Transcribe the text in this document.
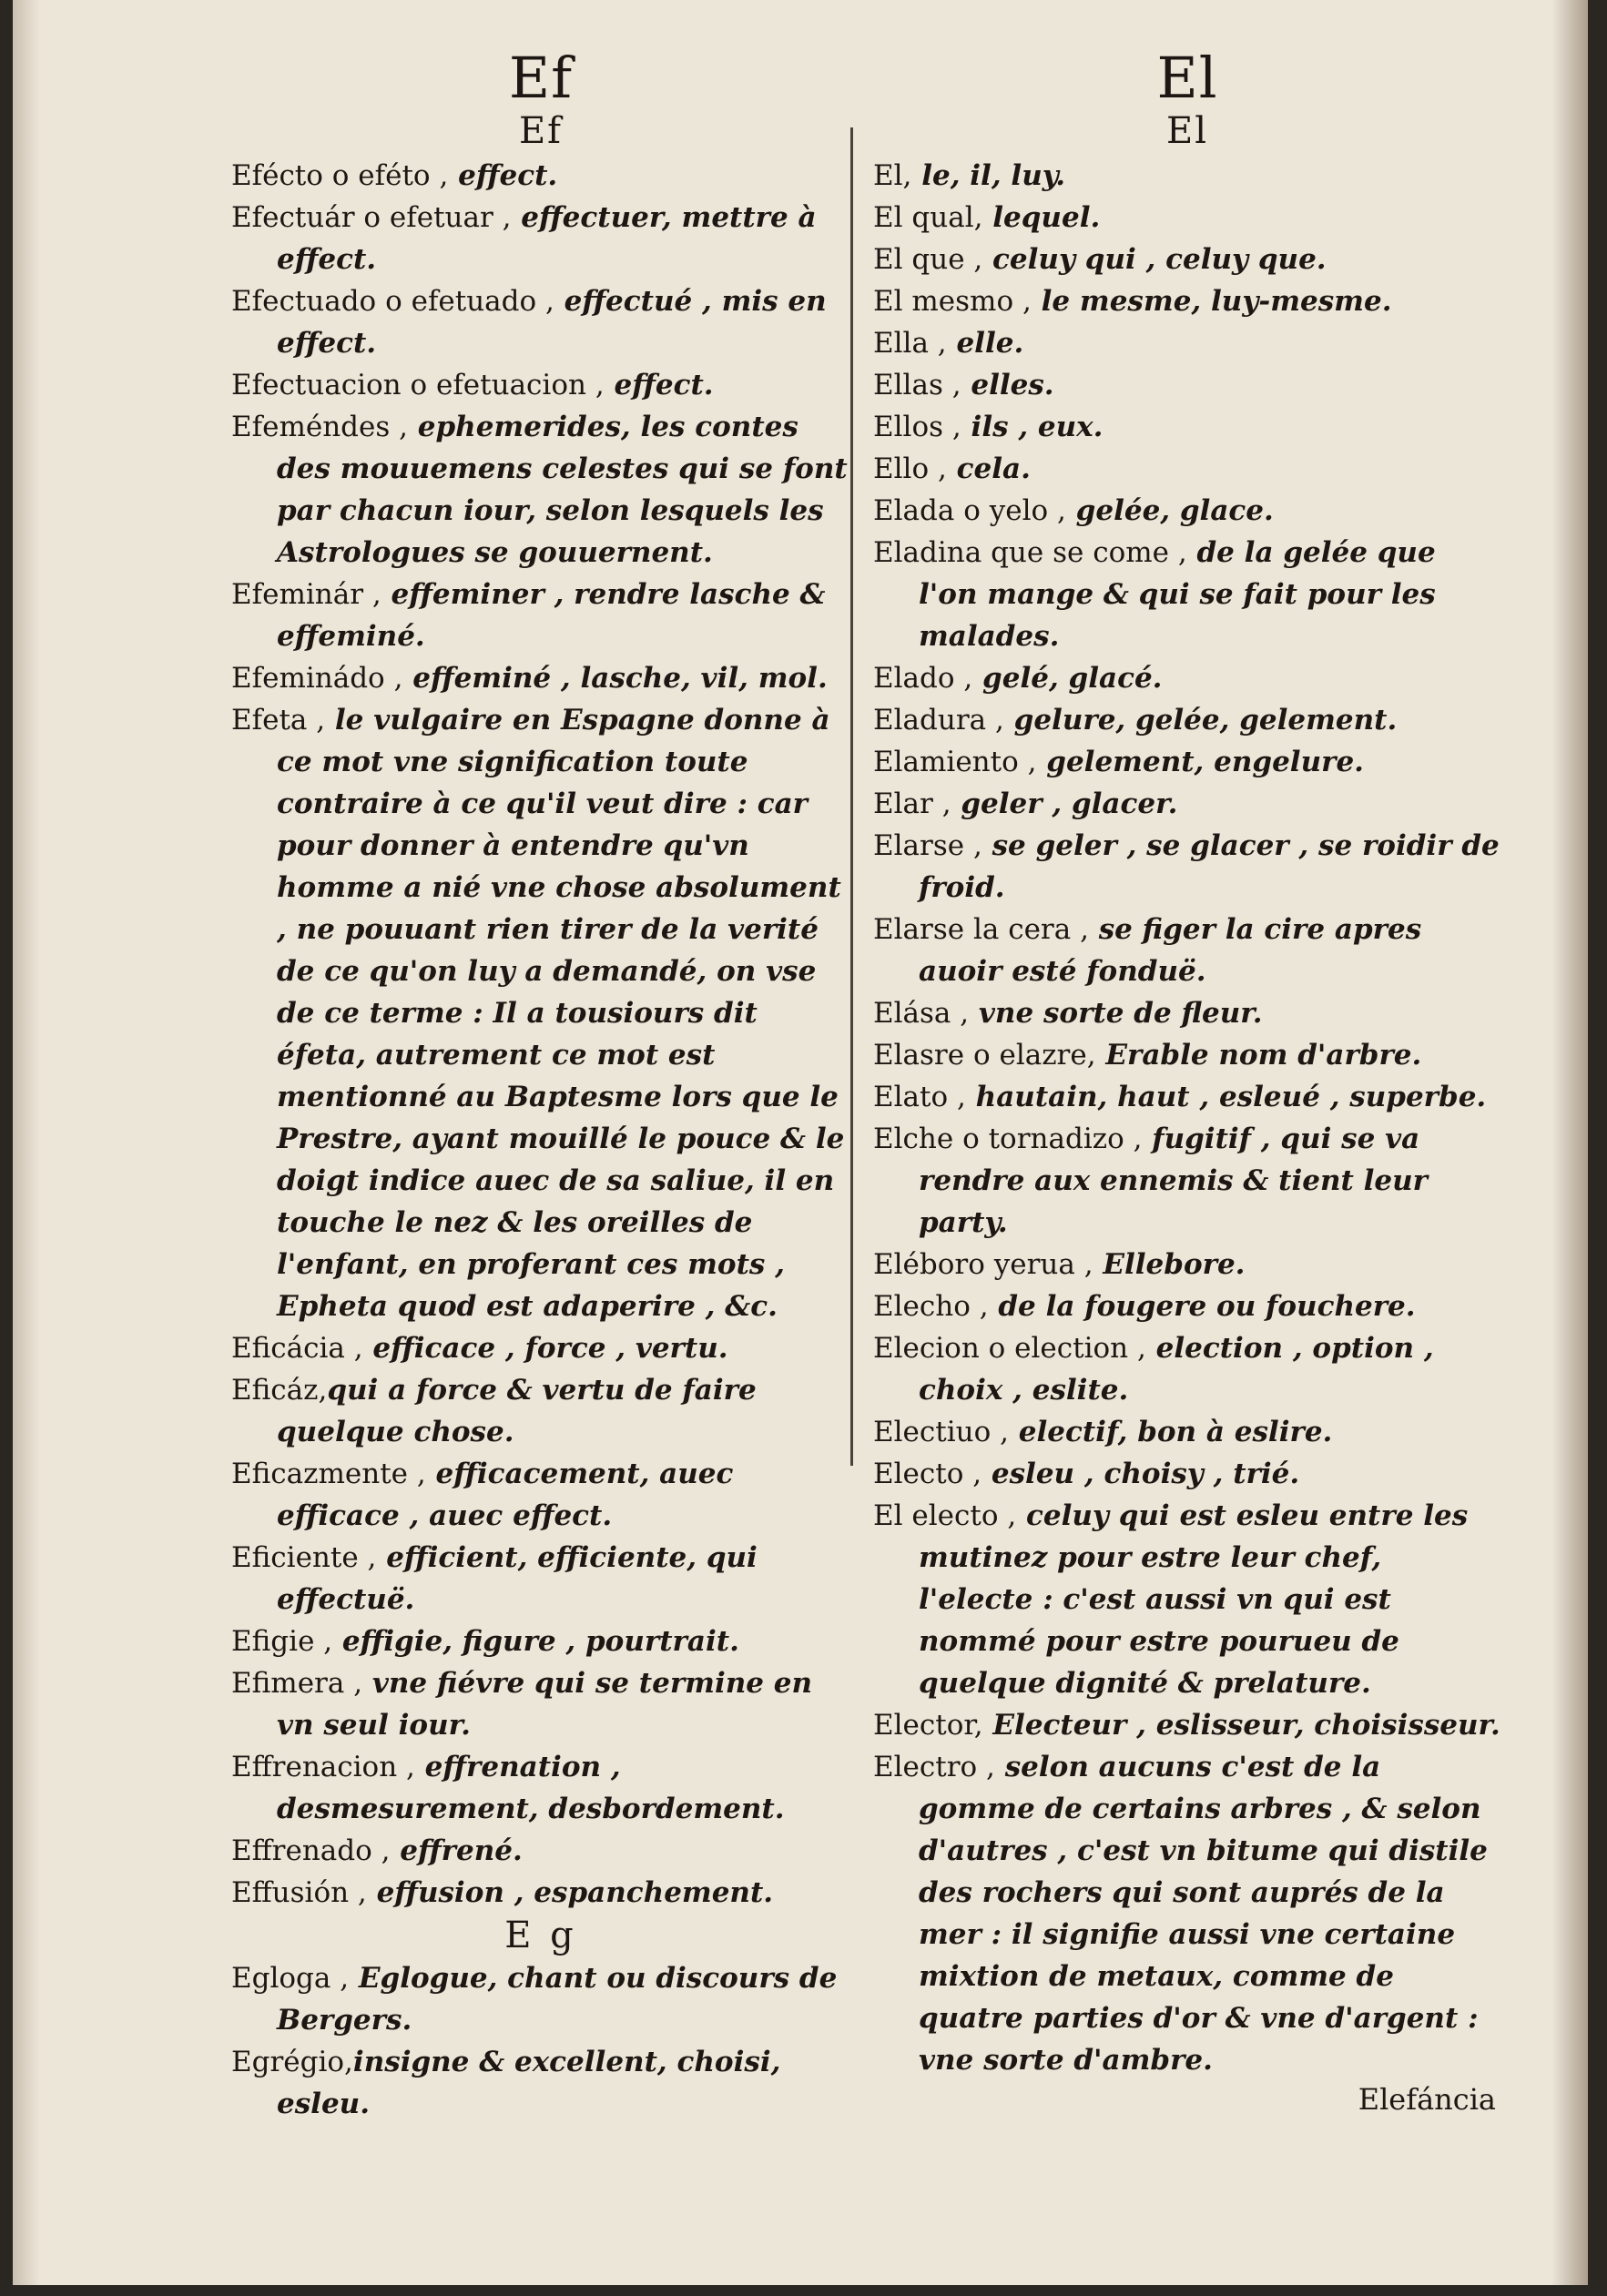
Ef
Ef
Efécto o eféto , effect.
Efectuár o efetuar , effectuer, mettre à effect.
Efectuado o efetuado , effectué , mis en effect.
Efectuacion o efetuacion , effect.
Efeméndes , ephemerides, les contes des mouuemens celestes qui se font par chacun iour, selon lesquels les Astrologues se gouuernent.
Efeminár , effeminer , rendre lasche & effeminé.
Efeminádo , effeminé , lasche, vil, mol.
Efeta , le vulgaire en Espagne donne à ce mot vne signification toute contraire à ce qu'il veut dire : car pour donner à entendre qu'vn homme a nié vne chose absolument , ne pouuant rien tirer de la verité de ce qu'on luy a demandé, on vse de ce terme : Il a tousiours dit éfeta, autrement ce mot est mentionné au Baptesme lors que le Prestre, ayant mouillé le pouce & le doigt indice auec de sa saliue, il en touche le nez & les oreilles de l'enfant, en proferant ces mots , Epheta quod est adaperire , &c.
Eficácia , efficace , force , vertu.
Eficáz,qui a force & vertu de faire quelque chose.
Eficazmente , efficacement, auec efficace , auec effect.
Eficiente , efficient, efficiente, qui effectuë.
Efigie , effigie, figure , pourtrait.
Efimera , vne fiévre qui se termine en vn seul iour.
Effrenacion , effrenation , desmesurement, desbordement.
Effrenado , effrené.
Effusión , effusion , espanchement.
E g
Egloga , Eglogue, chant ou discours de Bergers.
Egrégio,insigne & excellent, choisi, esleu.
El
El
El, le, il, luy.
El qual, lequel.
El que , celuy qui , celuy que.
El mesmo , le mesme, luy-mesme.
Ella , elle.
Ellas , elles.
Ellos , ils , eux.
Ello , cela.
Elada o yelo , gelée, glace.
Eladina que se come , de la gelée que l'on mange & qui se fait pour les malades.
Elado , gelé, glacé.
Eladura , gelure, gelée, gelement.
Elamiento , gelement, engelure.
Elar , geler , glacer.
Elarse , se geler , se glacer , se roidir de froid.
Elarse la cera , se figer la cire apres auoir esté fonduë.
Elása , vne sorte de fleur.
Elasre o elazre, Erable nom d'arbre.
Elato , hautain, haut , esleué , superbe.
Elche o tornadizo , fugitif , qui se va rendre aux ennemis & tient leur party.
Eléboro yerua , Ellebore.
Elecho , de la fougere ou fouchere.
Elecion o election , election , option , choix , eslite.
Electiuo , electif, bon à eslire.
Electo , esleu , choisy , trié.
El electo , celuy qui est esleu entre les mutinez pour estre leur chef, l'electe : c'est aussi vn qui est nommé pour estre pourueu de quelque dignité & prelature.
Elector, Electeur , eslisseur, choisisseur.
Electro , selon aucuns c'est de la gomme de certains arbres , & selon d'autres , c'est vn bitume qui distile des rochers qui sont auprés de la mer : il signifie aussi vne certaine mixtion de metaux, comme de quatre parties d'or & vne d'argent : vne sorte d'ambre.
Elefáncia
